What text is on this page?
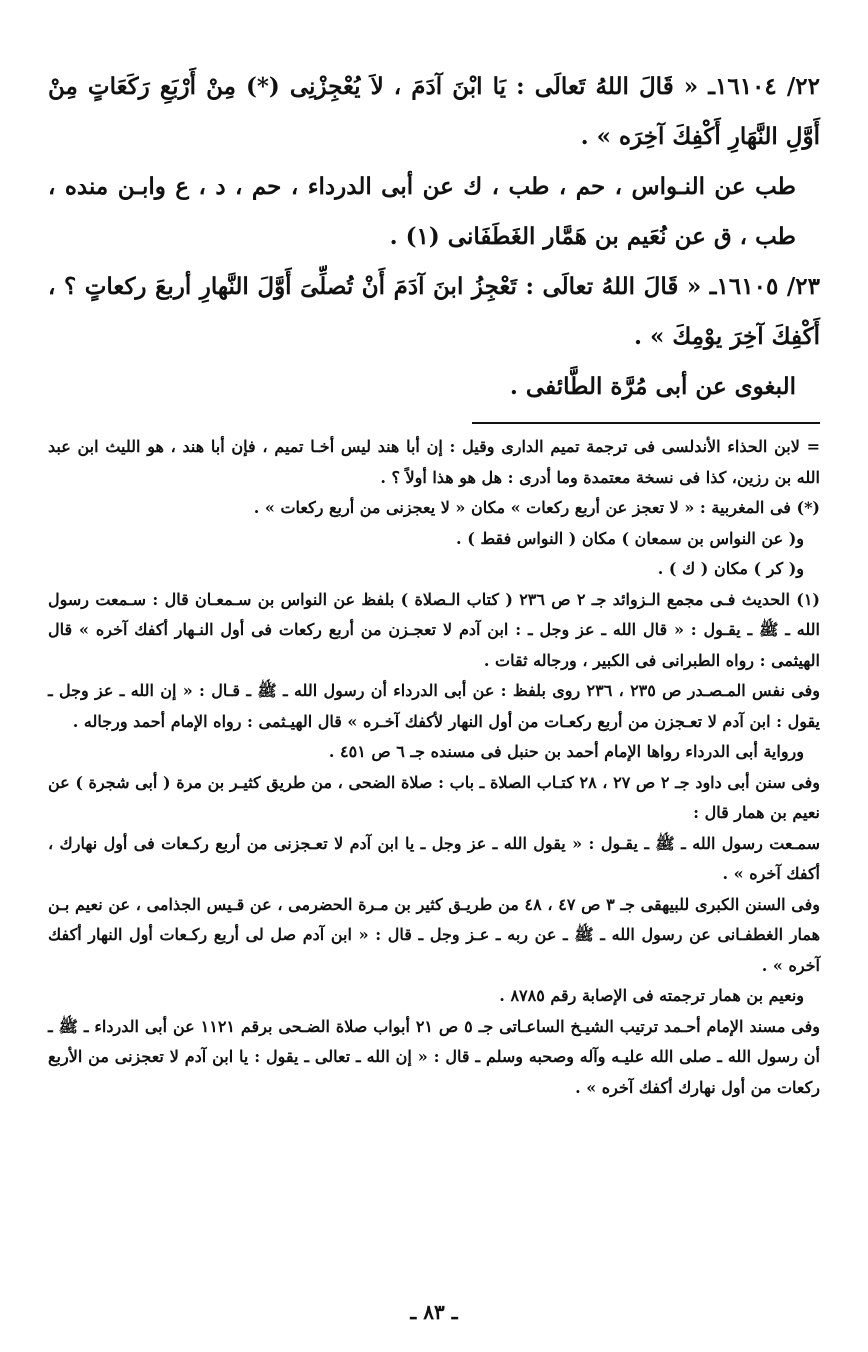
٢٢/ ١٦١٠٤ـ « قَالَ اللهُ تَعالَى : يَا ابْنَ آدَمَ ، لاَ يُعْجِزْنِى (*) مِنْ أَرْبَعِ رَكَعَاتٍ مِنْ أَوَّلِ النَّهَارِ أَكْفِكَ آخِرَه » .

طب عن النـواس ، حم ، طب ، ك عن أبى الدرداء ، حم ، د ، ع وابـن منده ، طب ، ق عن نُعَيم بن هَمَّار الغَطَفَانى (١) .

٢٣/ ١٦١٠٥ـ « قَالَ اللهُ تعالَى : تَعْجِزُ ابنَ آدَمَ أَنْ تُصلِّىَ أَوَّلَ النَّهارِ أربعَ ركعاتٍ ؟ ، أَكْفِكَ آخِرَ يوْمِكَ » .

البغوى عن أبى مُرَّة الطَّائفى .

= لابن الحذاء الأندلسى فى ترجمة تميم الدارى وقيل : إن أبا هند ليس أخـا تميم ، فإن أبا هند ، هو الليث ابن عبد الله بن رزين، كذا فى نسخة معتمدة وما أدرى : هل هو هذا أولاً ؟ .

(*) فى المغربية : « لا تعجز عن أربع ركعات » مكان « لا يعجزنى من أربع ركعات » .

و( عن النواس بن سمعان ) مكان ( النواس فقط ) .

و( كر ) مكان ( ك ) .

(١) الحديث فـى مجمع الـزوائد جـ ٢ ص ٢٣٦ ( كتاب الـصلاة ) بلفظ عن النواس بن سـمعـان قال : سـمعت رسول الله ـ ﷺ ـ يقـول : « قال الله ـ عز وجل ـ : ابن آدم لا تعجـزن من أربع ركعات فى أول النـهار أكفك آخره » قال الهيثمى : رواه الطبرانى فى الكبير ، ورجاله ثقات .

وفى نفس المـصـدر ص ٢٣٥ ، ٢٣٦ روى بلفظ : عن أبى الدرداء أن رسول الله ـ ﷺ ـ قـال : « إن الله ـ عز وجل ـ يقول : ابن آدم لا تعـجزن من أربع ركعـات من أول النهار لأكفك آخـره » قال الهيـثمى : رواه الإمام أحمد ورجاله .

ورواية أبى الدرداء رواها الإمام أحمد بن حنبل فى مسنده جـ ٦ ص ٤٥١ .

وفى سنن أبى داود جـ ٢ ص ٢٧ ، ٢٨ كتـاب الصلاة ـ باب : صلاة الضحى ، من طريق كثيـر بن مرة ( أبى شجرة ) عن نعيم بن همار قال :

سمـعت رسول الله ـ ﷺ ـ يقـول : « يقول الله ـ عز وجل ـ يا ابن آدم لا تعـجزنى من أربع ركـعات فى أول نهارك ، أكفك آخره » .

وفى السنن الكبرى للبيهقى جـ ٣ ص ٤٧ ، ٤٨ من طريـق كثير بن مـرة الحضرمى ، عن قـيس الجذامى ، عن نعيم بـن همار الغطفـانى عن رسول الله ـ ﷺ ـ عن ربه ـ عـز وجل ـ قال : « ابن آدم صل لى أربع ركـعات أول النهار أكفك آخره » .

ونعيم بن همار ترجمته فى الإصابة رقم ٨٧٨٥ .

وفى مسند الإمام أحـمد ترتيب الشيـخ الساعـاتى جـ ٥ ص ٢١ أبواب صلاة الضـحى برقم ١١٢١ عن أبى الدرداء ـ ﷺ ـ أن رسول الله ـ صلى الله عليـه وآله وصحبه وسلم ـ قال : « إن الله ـ تعالى ـ يقول : يا ابن آدم لا تعجزنى من الأربع ركعات من أول نهارك أكفك آخره » .

ـ ٨٣ ـ
